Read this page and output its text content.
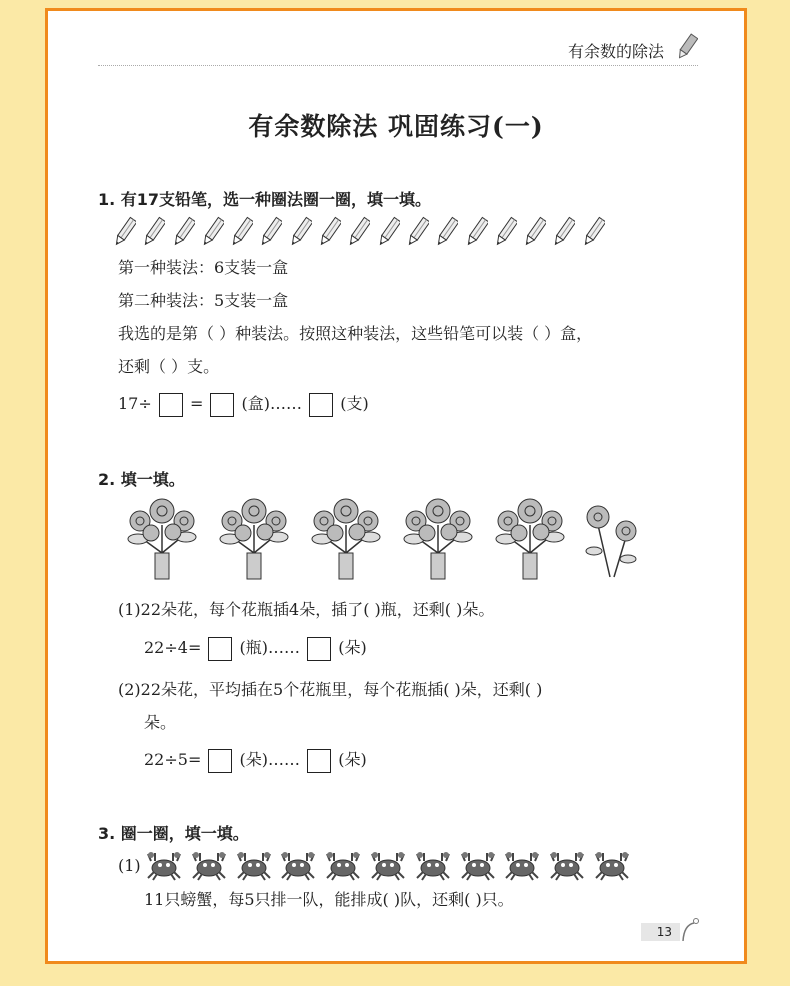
有余数的除法
有余数除法 巩固练习(一)
1. 有17支铅笔，选一种圈法圈一圈，填一填。
第一种装法：6支装一盒
第二种装法：5支装一盒
我选的是第（ ）种装法。按照这种装法，这些铅笔可以装（ ）盒，
还剩（ ）支。
17÷ = (盒)…… (支)
2. 填一填。
(1)22朵花，每个花瓶插4朵，插了( )瓶，还剩( )朵。
22÷4= (瓶)…… (朵)
(2)22朵花，平均插在5个花瓶里，每个花瓶插( )朵，还剩( )
朵。
22÷5= (朵)…… (朵)
3. 圈一圈，填一填。
(1)
11只螃蟹，每5只排一队，能排成( )队，还剩( )只。
13
